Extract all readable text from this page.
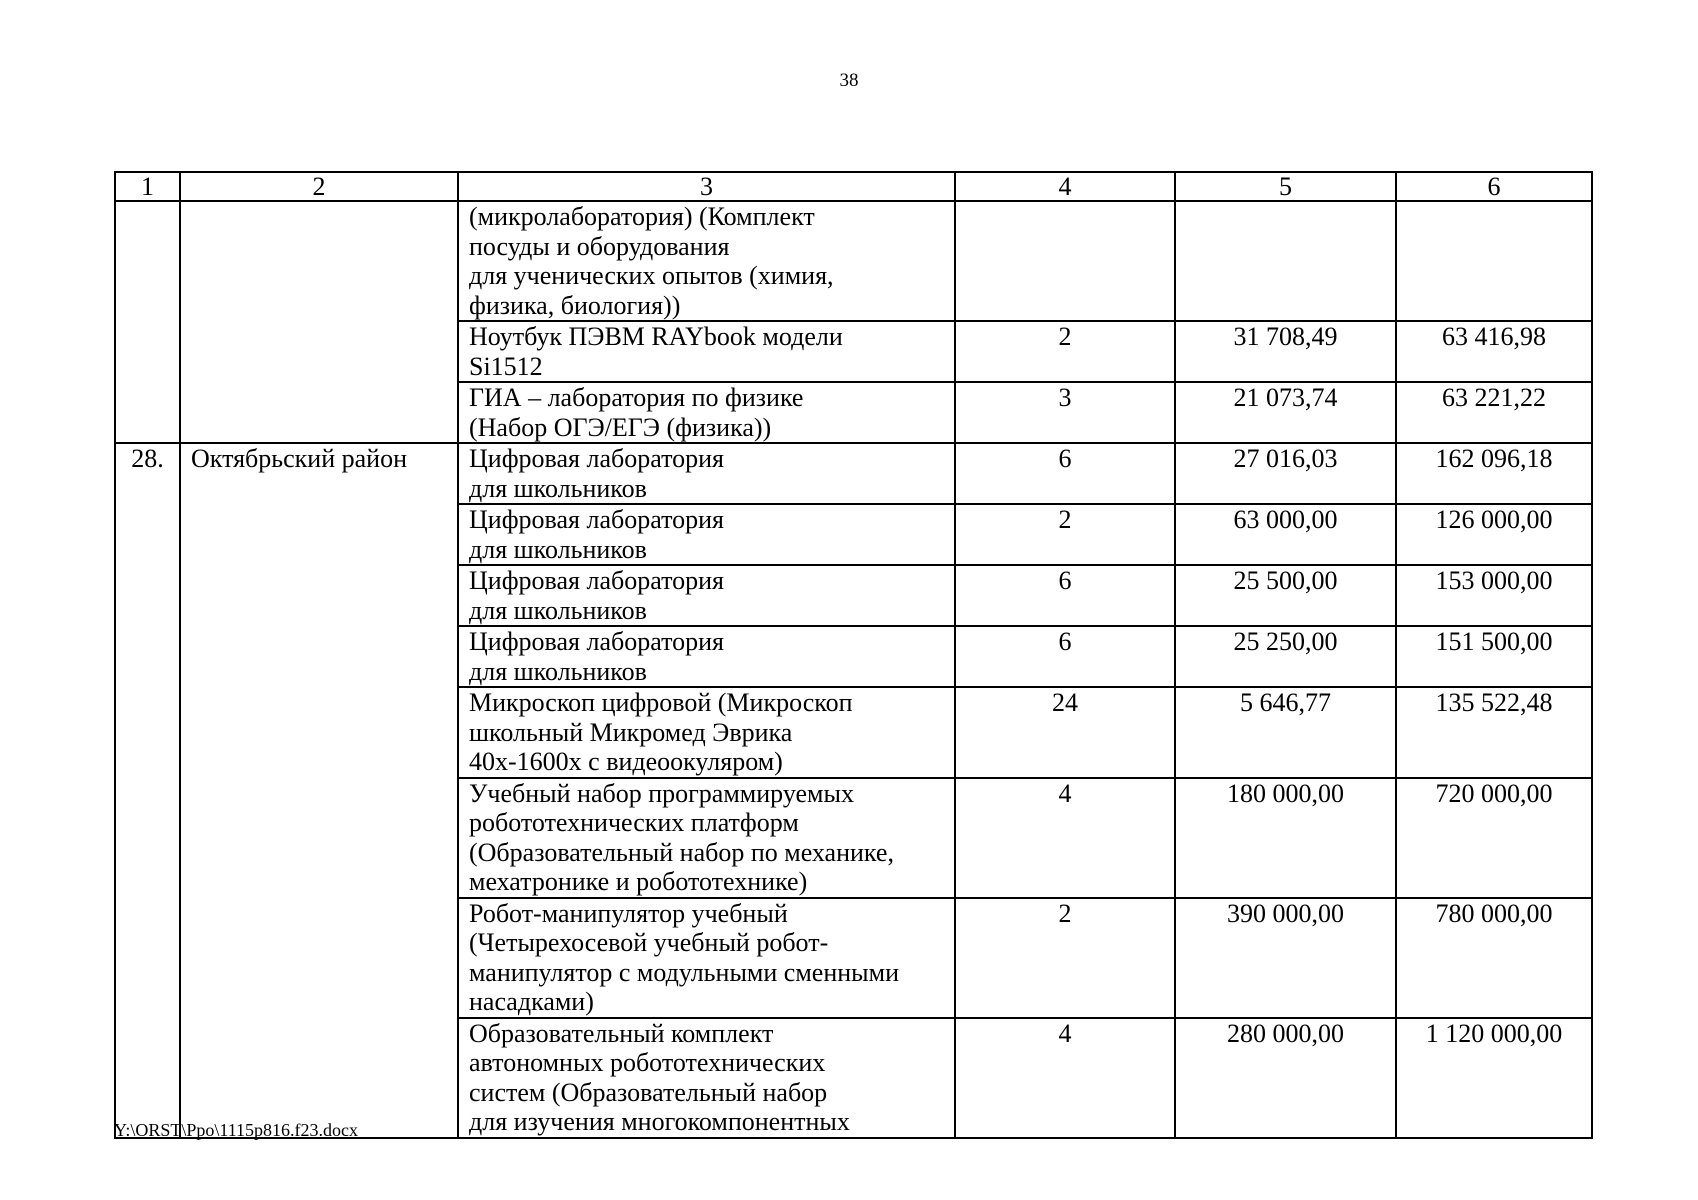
38
1	2	3	4	5	6
		(микролаборатория) (Комплект
посуды и оборудования
для ученических опытов (химия,
физика, биология))			
		Ноутбук ПЭВМ RAYbook модели
Si1512	2	31 708,49	63 416,98
		ГИА – лаборатория по физике
(Набор ОГЭ/ЕГЭ (физика))	3	21 073,74	63 221,22
28.	Октябрьский район	Цифровая лаборатория
для школьников	6	27 016,03	162 096,18
		Цифровая лаборатория
для школьников	2	63 000,00	126 000,00
		Цифровая лаборатория
для школьников	6	25 500,00	153 000,00
		Цифровая лаборатория
для школьников	6	25 250,00	151 500,00
		Микроскоп цифровой (Микроскоп
школьный Микромед Эврика
40х-1600х с видеоокуляром)	24	5 646,77	135 522,48
		Учебный набор программируемых
робототехнических платформ
(Образовательный набор по механике,
мехатронике и робототехнике)	4	180 000,00	720 000,00
		Робот-манипулятор учебный
(Четырехосевой учебный робот-
манипулятор с модульными сменными
насадками)	2	390 000,00	780 000,00
		Образовательный комплект
автономных робототехнических
систем (Образовательный набор
для изучения многокомпонентных	4	280 000,00	1 120 000,00
Y:\ORST\Ppo\1115p816.f23.docx
